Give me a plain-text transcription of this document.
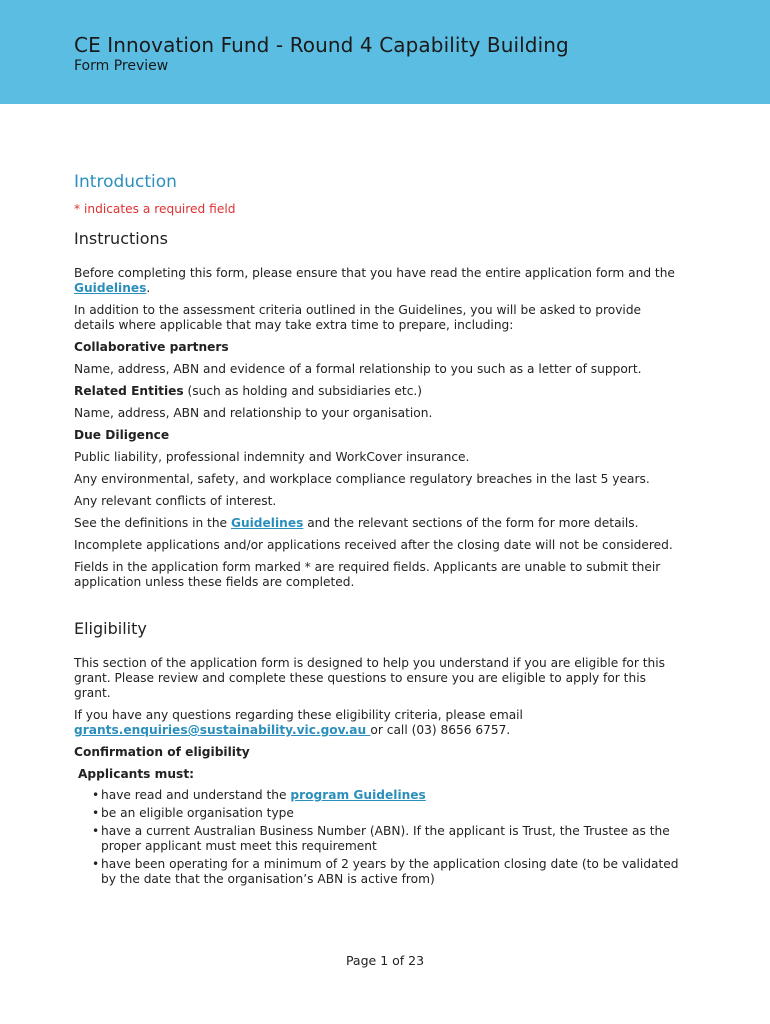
CE Innovation Fund - Round 4 Capability Building
Form Preview
Introduction
* indicates a required field
Instructions

Before completing this form, please ensure that you have read the entire application form and the Guidelines.

In addition to the assessment criteria outlined in the Guidelines, you will be asked to provide details where applicable that may take extra time to prepare, including:

Collaborative partners

Name, address, ABN and evidence of a formal relationship to you such as a letter of support.

Related Entities (such as holding and subsidiaries etc.)

Name, address, ABN and relationship to your organisation.

Due Diligence

Public liability, professional indemnity and WorkCover insurance.

Any environmental, safety, and workplace compliance regulatory breaches in the last 5 years.

Any relevant conflicts of interest.

See the definitions in the Guidelines and the relevant sections of the form for more details.

Incomplete applications and/or applications received after the closing date will not be considered.

Fields in the application form marked * are required fields. Applicants are unable to submit their application unless these fields are completed.

Eligibility

This section of the application form is designed to help you understand if you are eligible for this grant. Please review and complete these questions to ensure you are eligible to apply for this grant.

If you have any questions regarding these eligibility criteria, please email grants.enquiries@sustainability.vic.gov.au or call (03) 8656 6757.

Confirmation of eligibility

Applicants must:
• have read and understand the program Guidelines
• be an eligible organisation type
• have a current Australian Business Number (ABN). If the applicant is Trust, the Trustee as the proper applicant must meet this requirement
• have been operating for a minimum of 2 years by the application closing date (to be validated by the date that the organisation’s ABN is active from)
Page 1 of 23
